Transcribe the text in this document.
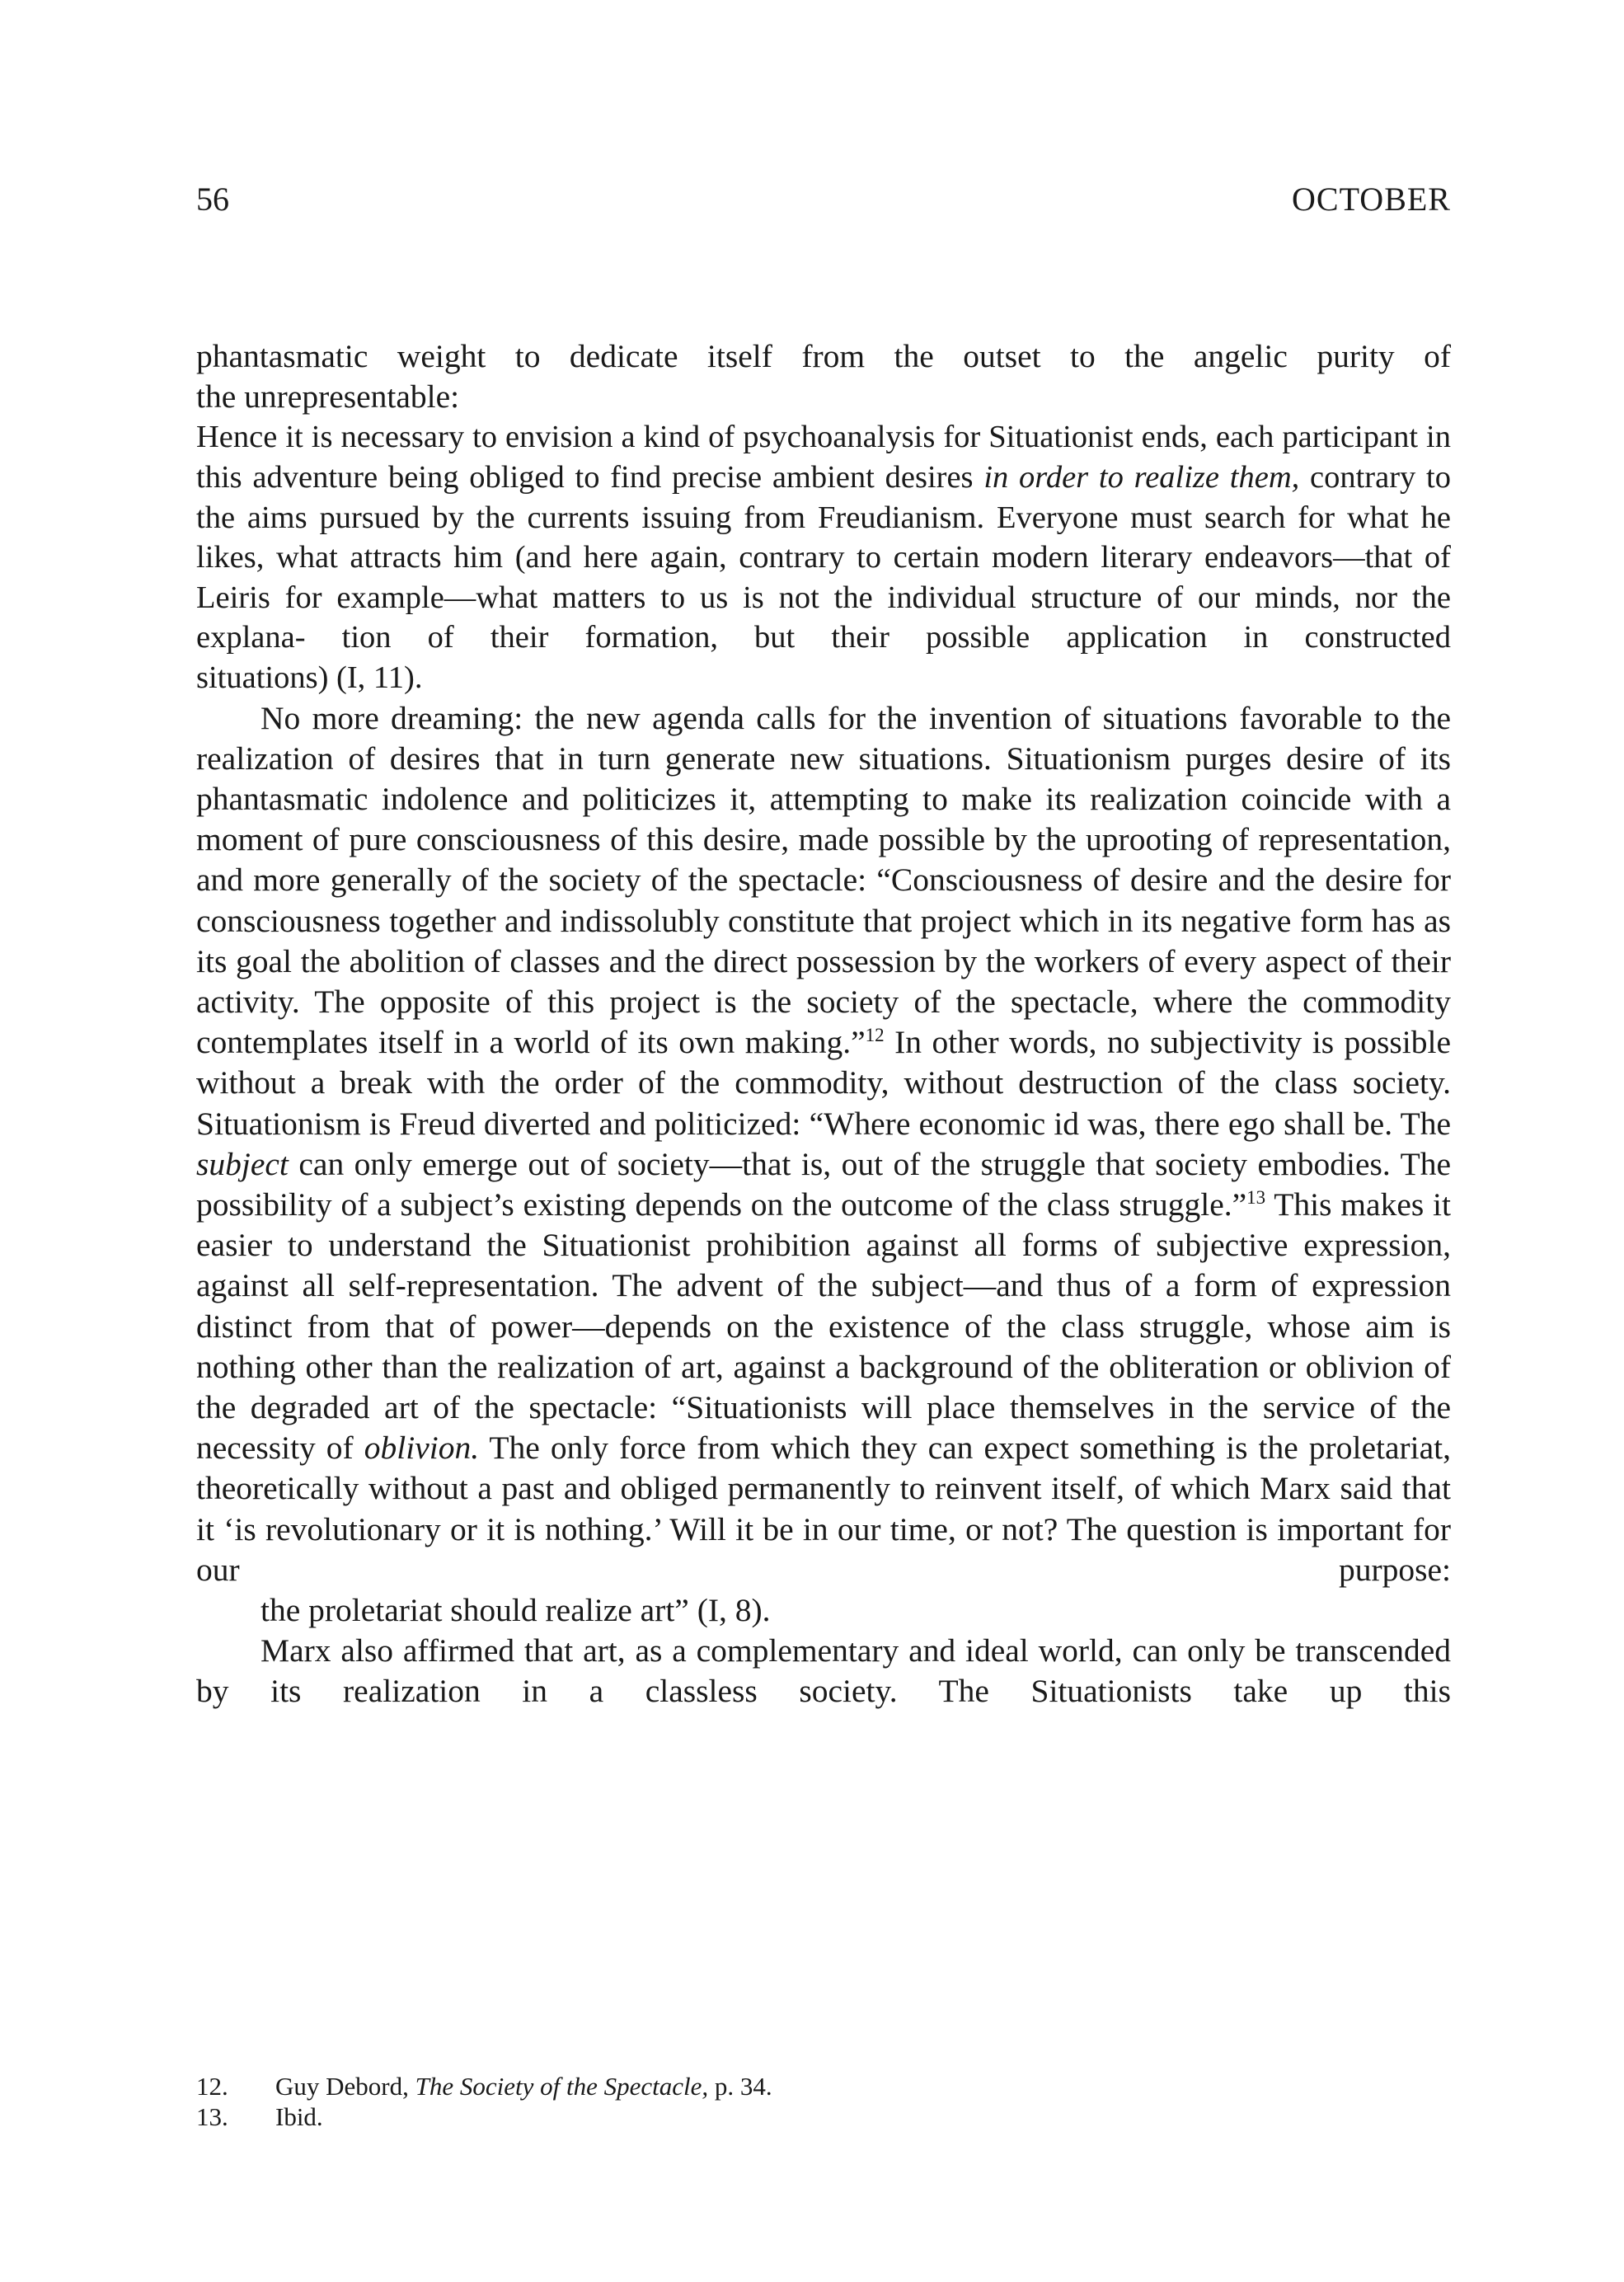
56	OCTOBER

phantasmatic weight to dedicate itself from the outset to the angelic purity of
the unrepresentable:

Hence it is necessary to envision a kind of psychoanalysis for Situationist ends, each participant in this adventure being obliged to find precise ambient desires in order to realize them, contrary to the aims pursued by the currents issuing from Freudianism. Everyone must search for what he likes, what attracts him (and here again, contrary to certain modern literary endeavors—that of Leiris for example—what matters to us is not the individual structure of our minds, nor the explana- tion of their formation, but their possible application in constructed
situations) (I, 11).

No more dreaming: the new agenda calls for the invention of situations favorable to the realization of desires that in turn generate new situations. Situationism purges desire of its phantasmatic indolence and politicizes it, attempting to make its realization coincide with a moment of pure consciousness of this desire, made possible by the uprooting of representation, and more generally of the society of the spectacle: “Consciousness of desire and the desire for consciousness together and indissolubly constitute that project which in its negative form has as its goal the abolition of classes and the direct possession by the workers of every aspect of their activity. The opposite of this project is the society of the spectacle, where the commodity contemplates itself in a world of its own making.”$^{12}$ In other words, no subjectivity is possible without a break with the order of the commodity, without destruction of the class society. Situationism is Freud diverted and politicized: “Where economic id was, there ego shall be. The subject can only emerge out of society—that is, out of the struggle that society embodies. The possibility of a subject’s existing depends on the outcome of the class struggle.”$^{13}$ This makes it easier to understand the Situationist prohibition against all forms of subjective expression, against all self-representation. The advent of the subject—and thus of a form of expression distinct from that of power—depends on the existence of the class struggle, whose aim is nothing other than the realization of art, against a background of the obliteration or oblivion of the degraded art of the spectacle: “Situationists will place themselves in the service of the necessity of oblivion. The only force from which they can expect something is the proletariat, theoretically without a past and obliged permanently to reinvent itself, of which Marx said that it ‘is revolutionary or it is nothing.’ Will it be in our time, or not? The question is important for our purpose:
the proletariat should realize art” (I, 8).

Marx also affirmed that art, as a complementary and ideal world, can only be transcended by its realization in a classless society. The Situationists take up this

12.	Guy Debord, The Society of the Spectacle, p. 34.
13.	Ibid.
